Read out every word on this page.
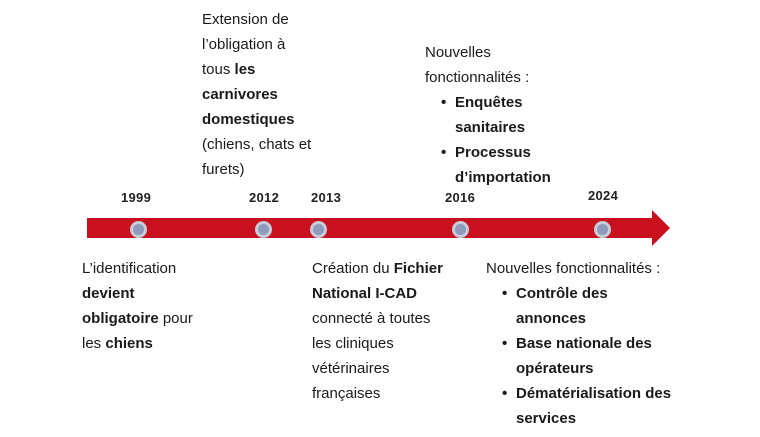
1999	2012 2013	2016	2024
Extension de l’obligation à tous les carnivores domestiques (chiens, chats et furets)

Nouvelles fonctionnalités :

• Enquêtes sanitaires
• Processus d’importation
L’identification devient obligatoire pour les chiens
Création du Fichier National I-CAD connecté à toutes les cliniques vétérinaires françaises

Nouvelles fonctionnalités :

• Contrôle des annonces
• Base nationale des opérateurs
• Dématérialisation des services
